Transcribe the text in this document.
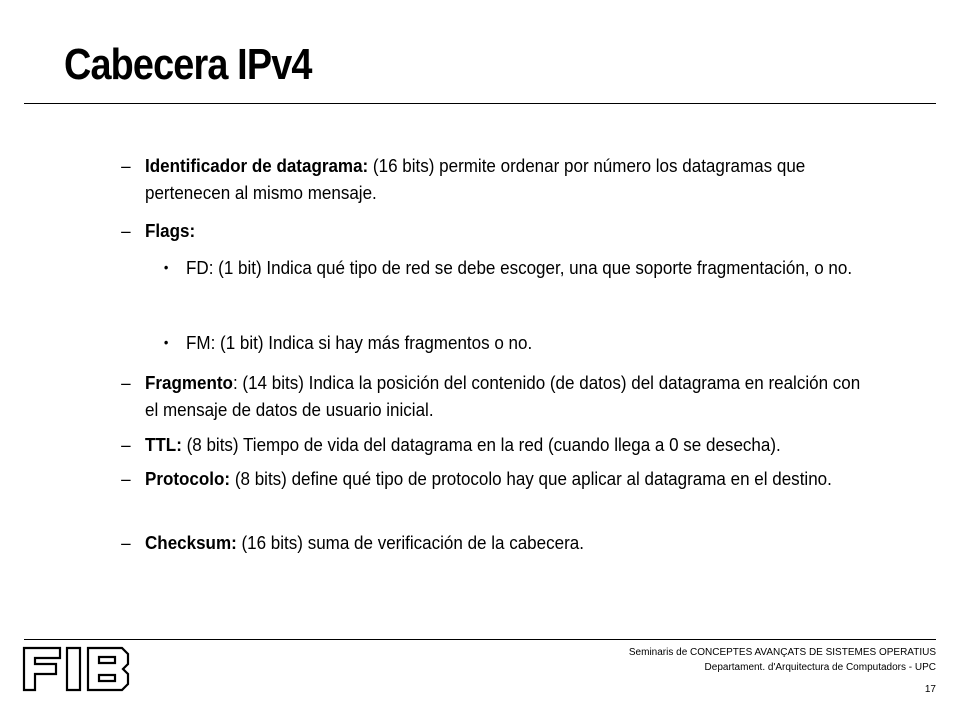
Cabecera IPv4
– Identificador de datagrama: (16 bits) permite ordenar por número los datagramas que pertenecen al mismo mensaje.
– Flags:
• FD: (1 bit) Indica qué tipo de red se debe escoger, una que soporte fragmentación, o no.
• FM: (1 bit) Indica si hay más fragmentos o no.
– Fragmento: (14 bits) Indica la posición del contenido (de datos) del datagrama en realción con el mensaje de datos de usuario inicial.
– TTL: (8 bits) Tiempo de vida del datagrama en la red (cuando llega a 0 se desecha).
– Protocolo: (8 bits) define qué tipo de protocolo hay que aplicar al datagrama en el destino.
– Checksum: (16 bits) suma de verificación de la cabecera.
Seminaris de CONCEPTES AVANÇATS DE SISTEMES OPERATIUS
Departament. d'Arquitectura de Computadors - UPC
17
